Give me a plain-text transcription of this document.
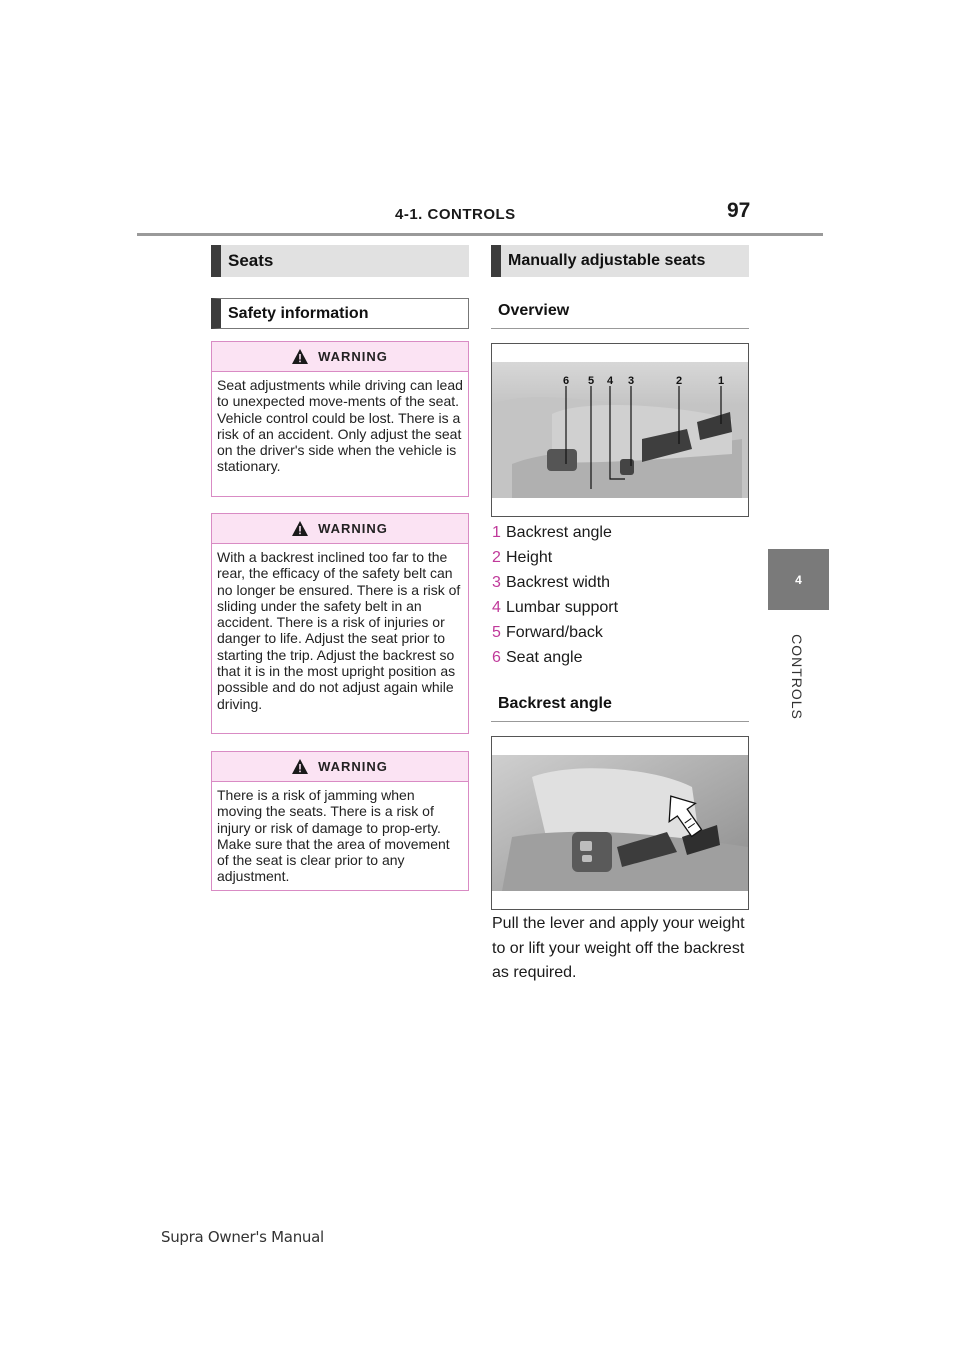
4-1. CONTROLS	97
4
CONTROLS
Seats
Safety information
WARNING
Seat adjustments while driving can lead to unexpected move-ments of the seat. Vehicle control could be lost. There is a risk of an accident. Only adjust the seat on the driver's side when the vehicle is stationary.
WARNING
With a backrest inclined too far to the rear, the efficacy of the safety belt can no longer be ensured. There is a risk of sliding under the safety belt in an accident. There is a risk of injuries or danger to life. Adjust the seat prior to starting the trip. Adjust the backrest so that it is in the most upright position as possible and do not adjust again while driving.
WARNING
There is a risk of jamming when moving the seats. There is a risk of injury or risk of damage to prop-erty. Make sure that the area of movement of the seat is clear prior to any adjustment.
Manually adjustable seats
Overview
6 5 4 3	2	1
1 Backrest angle
2 Height
3 Backrest width
4 Lumbar support
5 Forward/back
6 Seat angle
Backrest angle
Pull the lever and apply your weight to or lift your weight off the backrest as required.
Supra Owner's Manual
